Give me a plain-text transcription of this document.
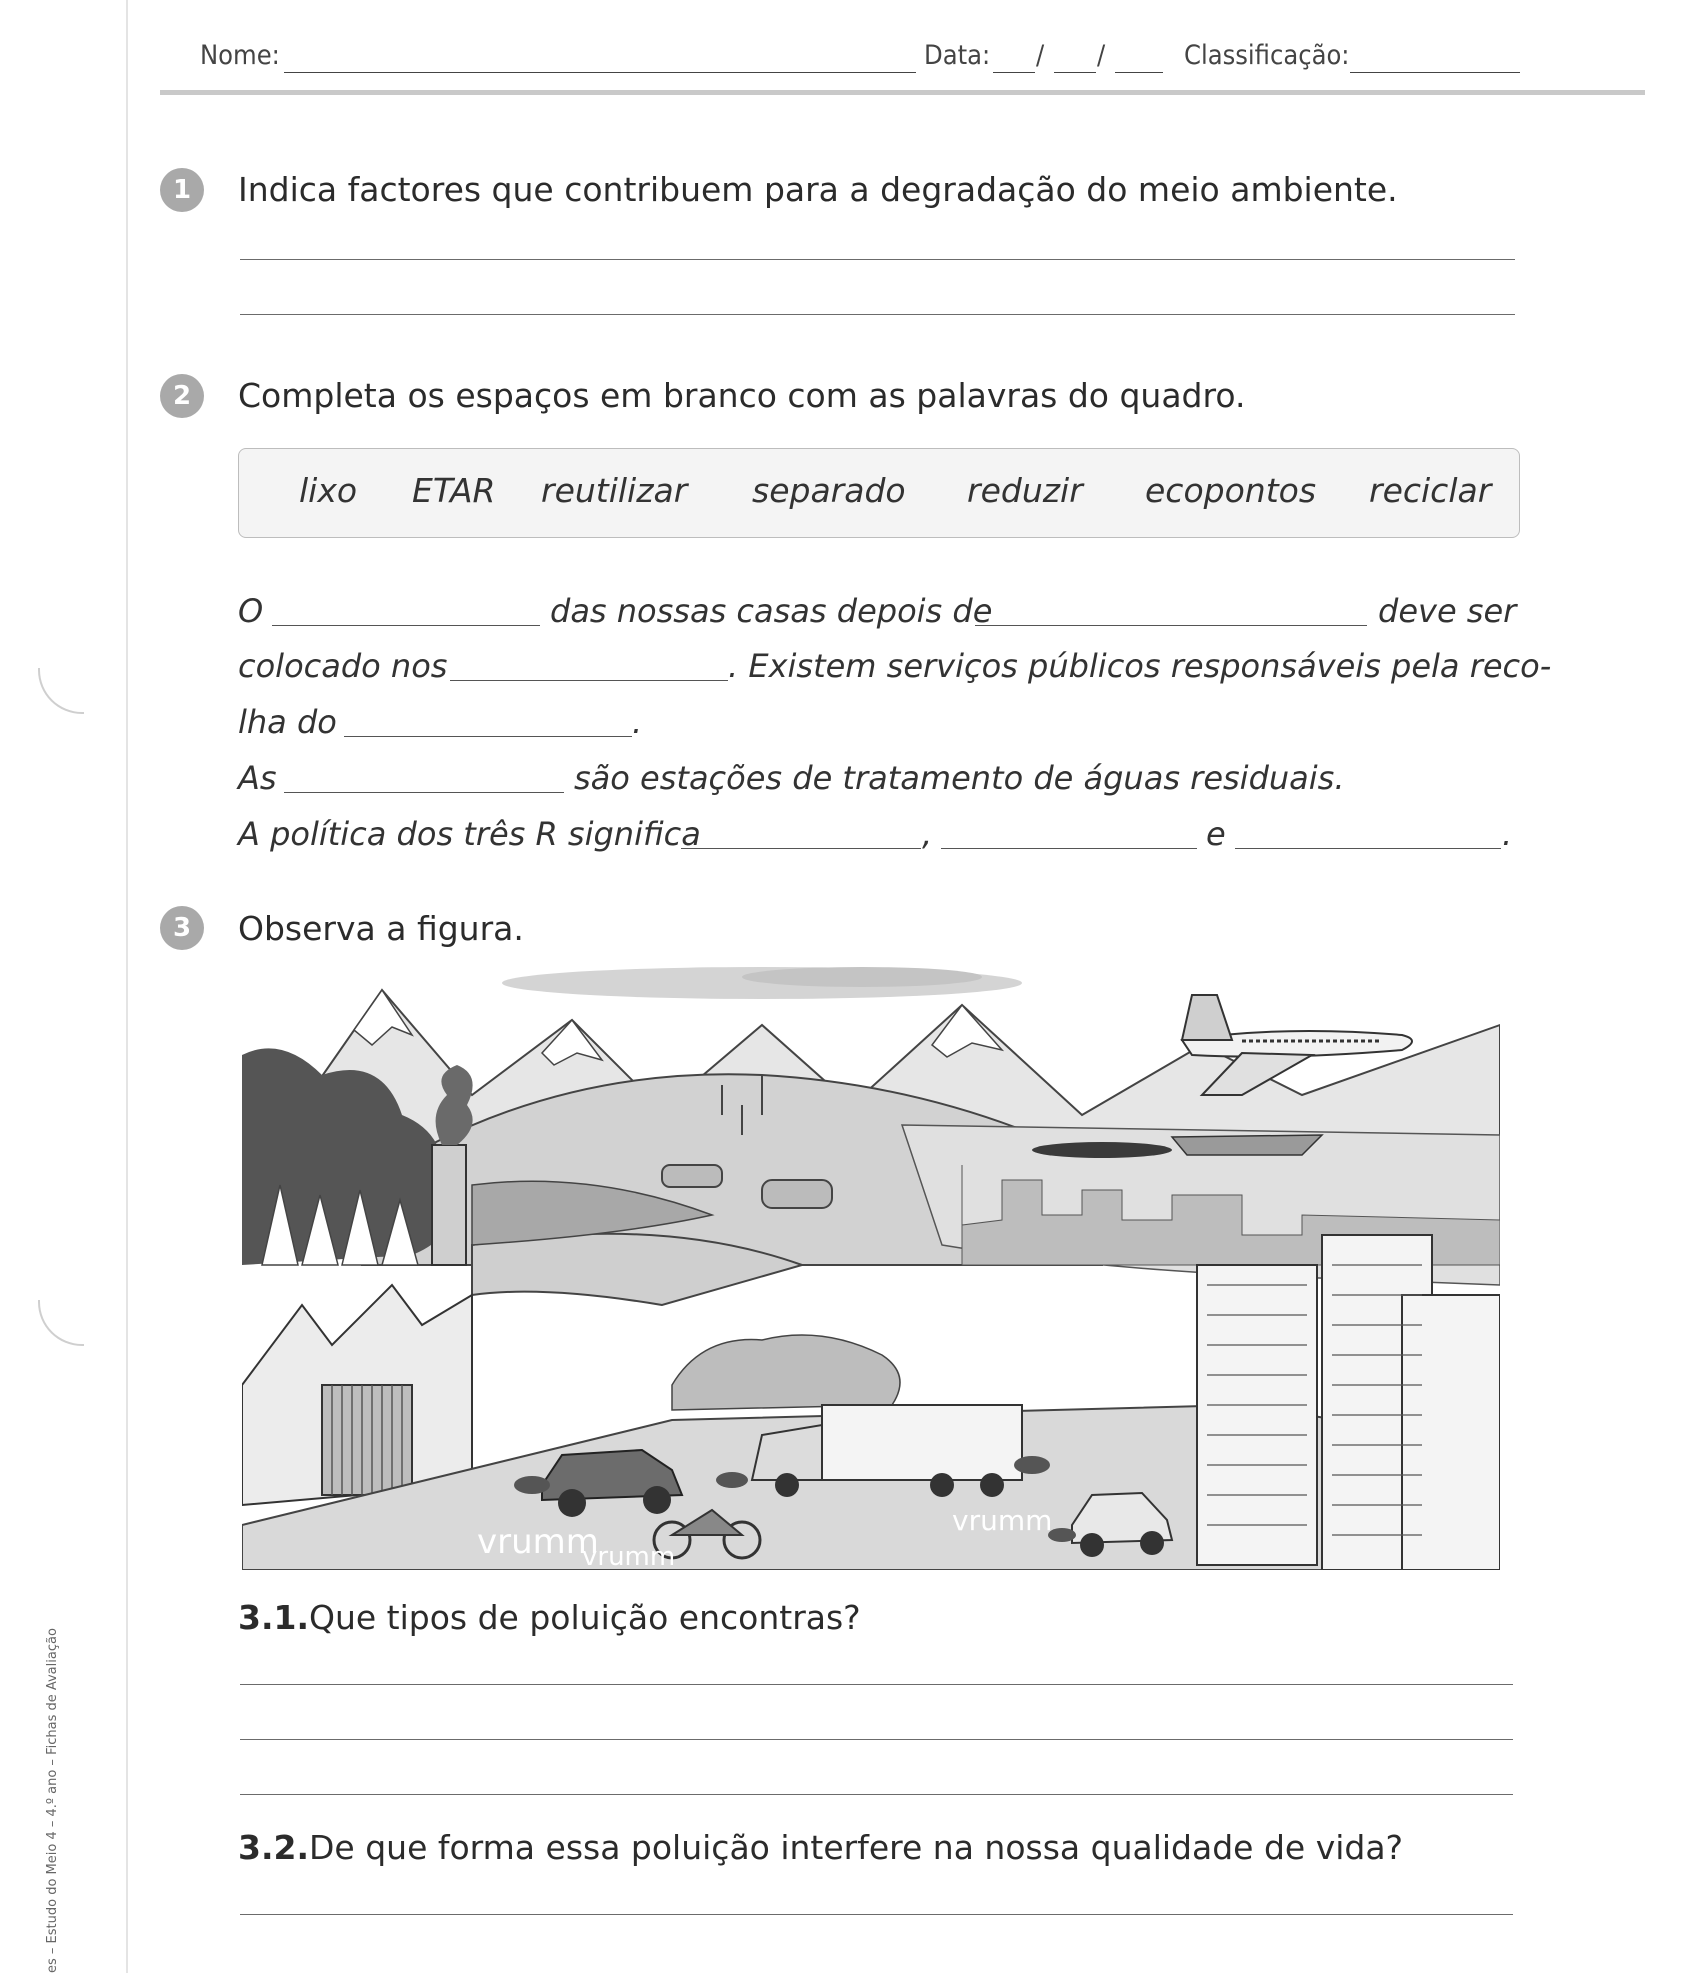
es – Estudo do Meio 4 – 4.º ano – Fichas de Avaliação
Nome:	Data: / /	Classificação:
1	Indica factores que contribuem para a degradação do meio ambiente.
2	Completa os espaços em branco com as palavras do quadro.
lixo ETAR reutilizar separado reduzir ecopontos reciclar
O	das nossas casas depois de	deve ser
colocado nos	. Existem serviços públicos responsáveis pela reco-
lha do	.
As	são estações de tratamento de águas residuais.
A política dos três R significa	,	e	.
3	Observa a figura.
vrumm
vrumm
vrumm
3.1.Que tipos de poluição encontras?
3.2.De que forma essa poluição interfere na nossa qualidade de vida?
